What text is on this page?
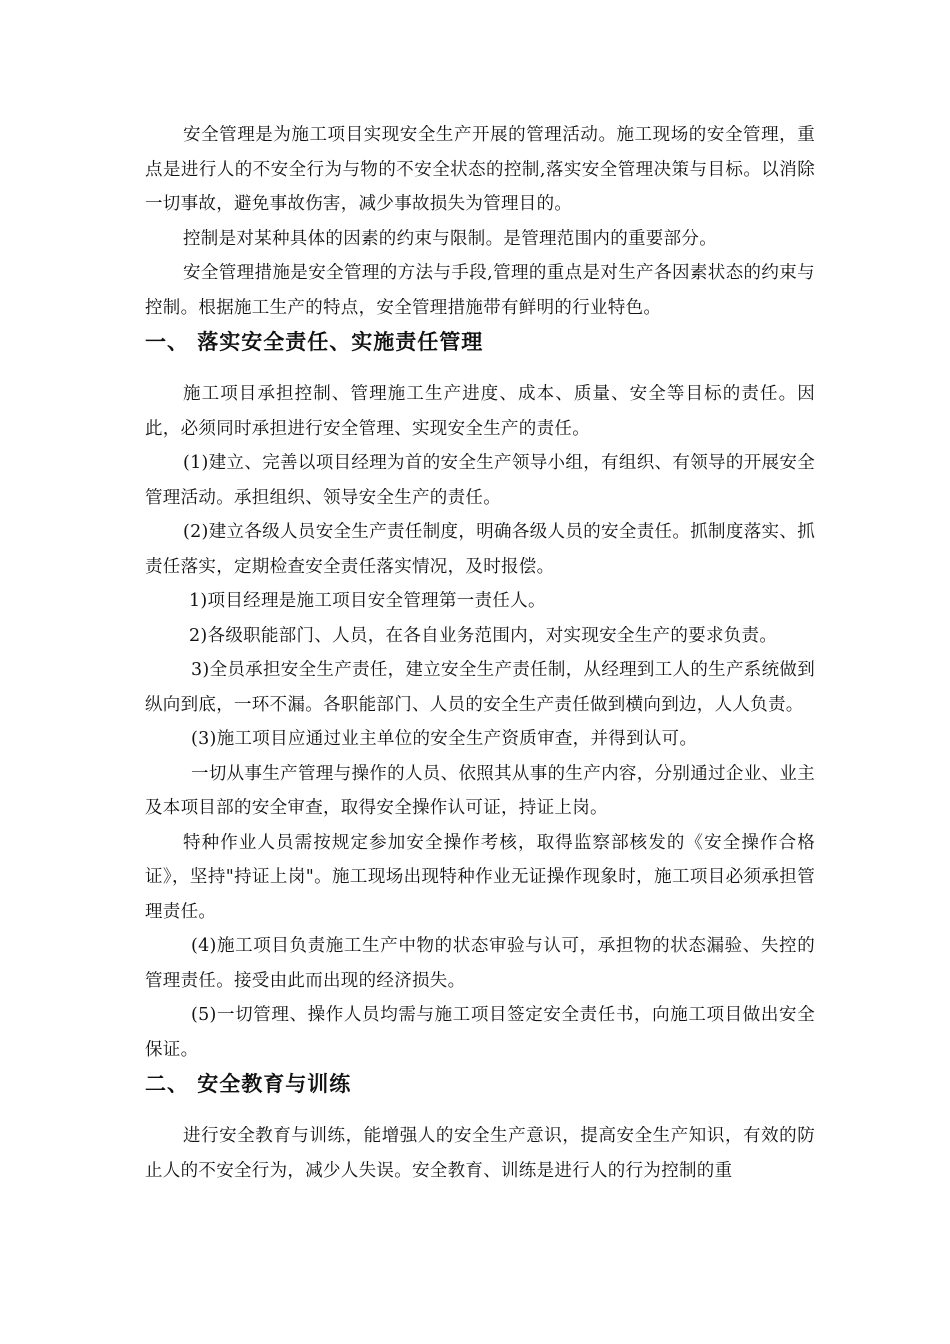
安全管理是为施工项目实现安全生产开展的管理活动。施工现场的安全管理，重点是进行人的不安全行为与物的不安全状态的控制,落实安全管理决策与目标。以消除一切事故，避免事故伤害，减少事故损失为管理目的。

控制是对某种具体的因素的约束与限制。是管理范围内的重要部分。

安全管理措施是安全管理的方法与手段,管理的重点是对生产各因素状态的约束与控制。根据施工生产的特点，安全管理措施带有鲜明的行业特色。

一、 落实安全责任、实施责任管理

施工项目承担控制、管理施工生产进度、成本、质量、安全等目标的责任。因此，必须同时承担进行安全管理、实现安全生产的责任。

(1)建立、完善以项目经理为首的安全生产领导小组，有组织、有领导的开展安全管理活动。承担组织、领导安全生产的责任。

(2)建立各级人员安全生产责任制度，明确各级人员的安全责任。抓制度落实、抓责任落实，定期检查安全责任落实情况，及时报偿。

1)项目经理是施工项目安全管理第一责任人。

2)各级职能部门、人员，在各自业务范围内，对实现安全生产的要求负责。

3)全员承担安全生产责任，建立安全生产责任制，从经理到工人的生产系统做到纵向到底，一环不漏。各职能部门、人员的安全生产责任做到横向到边，人人负责。

(3)施工项目应通过业主单位的安全生产资质审查，并得到认可。

一切从事生产管理与操作的人员、依照其从事的生产内容，分别通过企业、业主及本项目部的安全审查，取得安全操作认可证，持证上岗。

特种作业人员需按规定参加安全操作考核，取得监察部核发的《安全操作合格证》，坚持"持证上岗"。施工现场出现特种作业无证操作现象时，施工项目必须承担管理责任。

(4)施工项目负责施工生产中物的状态审验与认可，承担物的状态漏验、失控的管理责任。接受由此而出现的经济损失。

(5)一切管理、操作人员均需与施工项目签定安全责任书，向施工项目做出安全保证。

二、 安全教育与训练

进行安全教育与训练，能增强人的安全生产意识，提高安全生产知识，有效的防止人的不安全行为，减少人失误。安全教育、训练是进行人的行为控制的重
